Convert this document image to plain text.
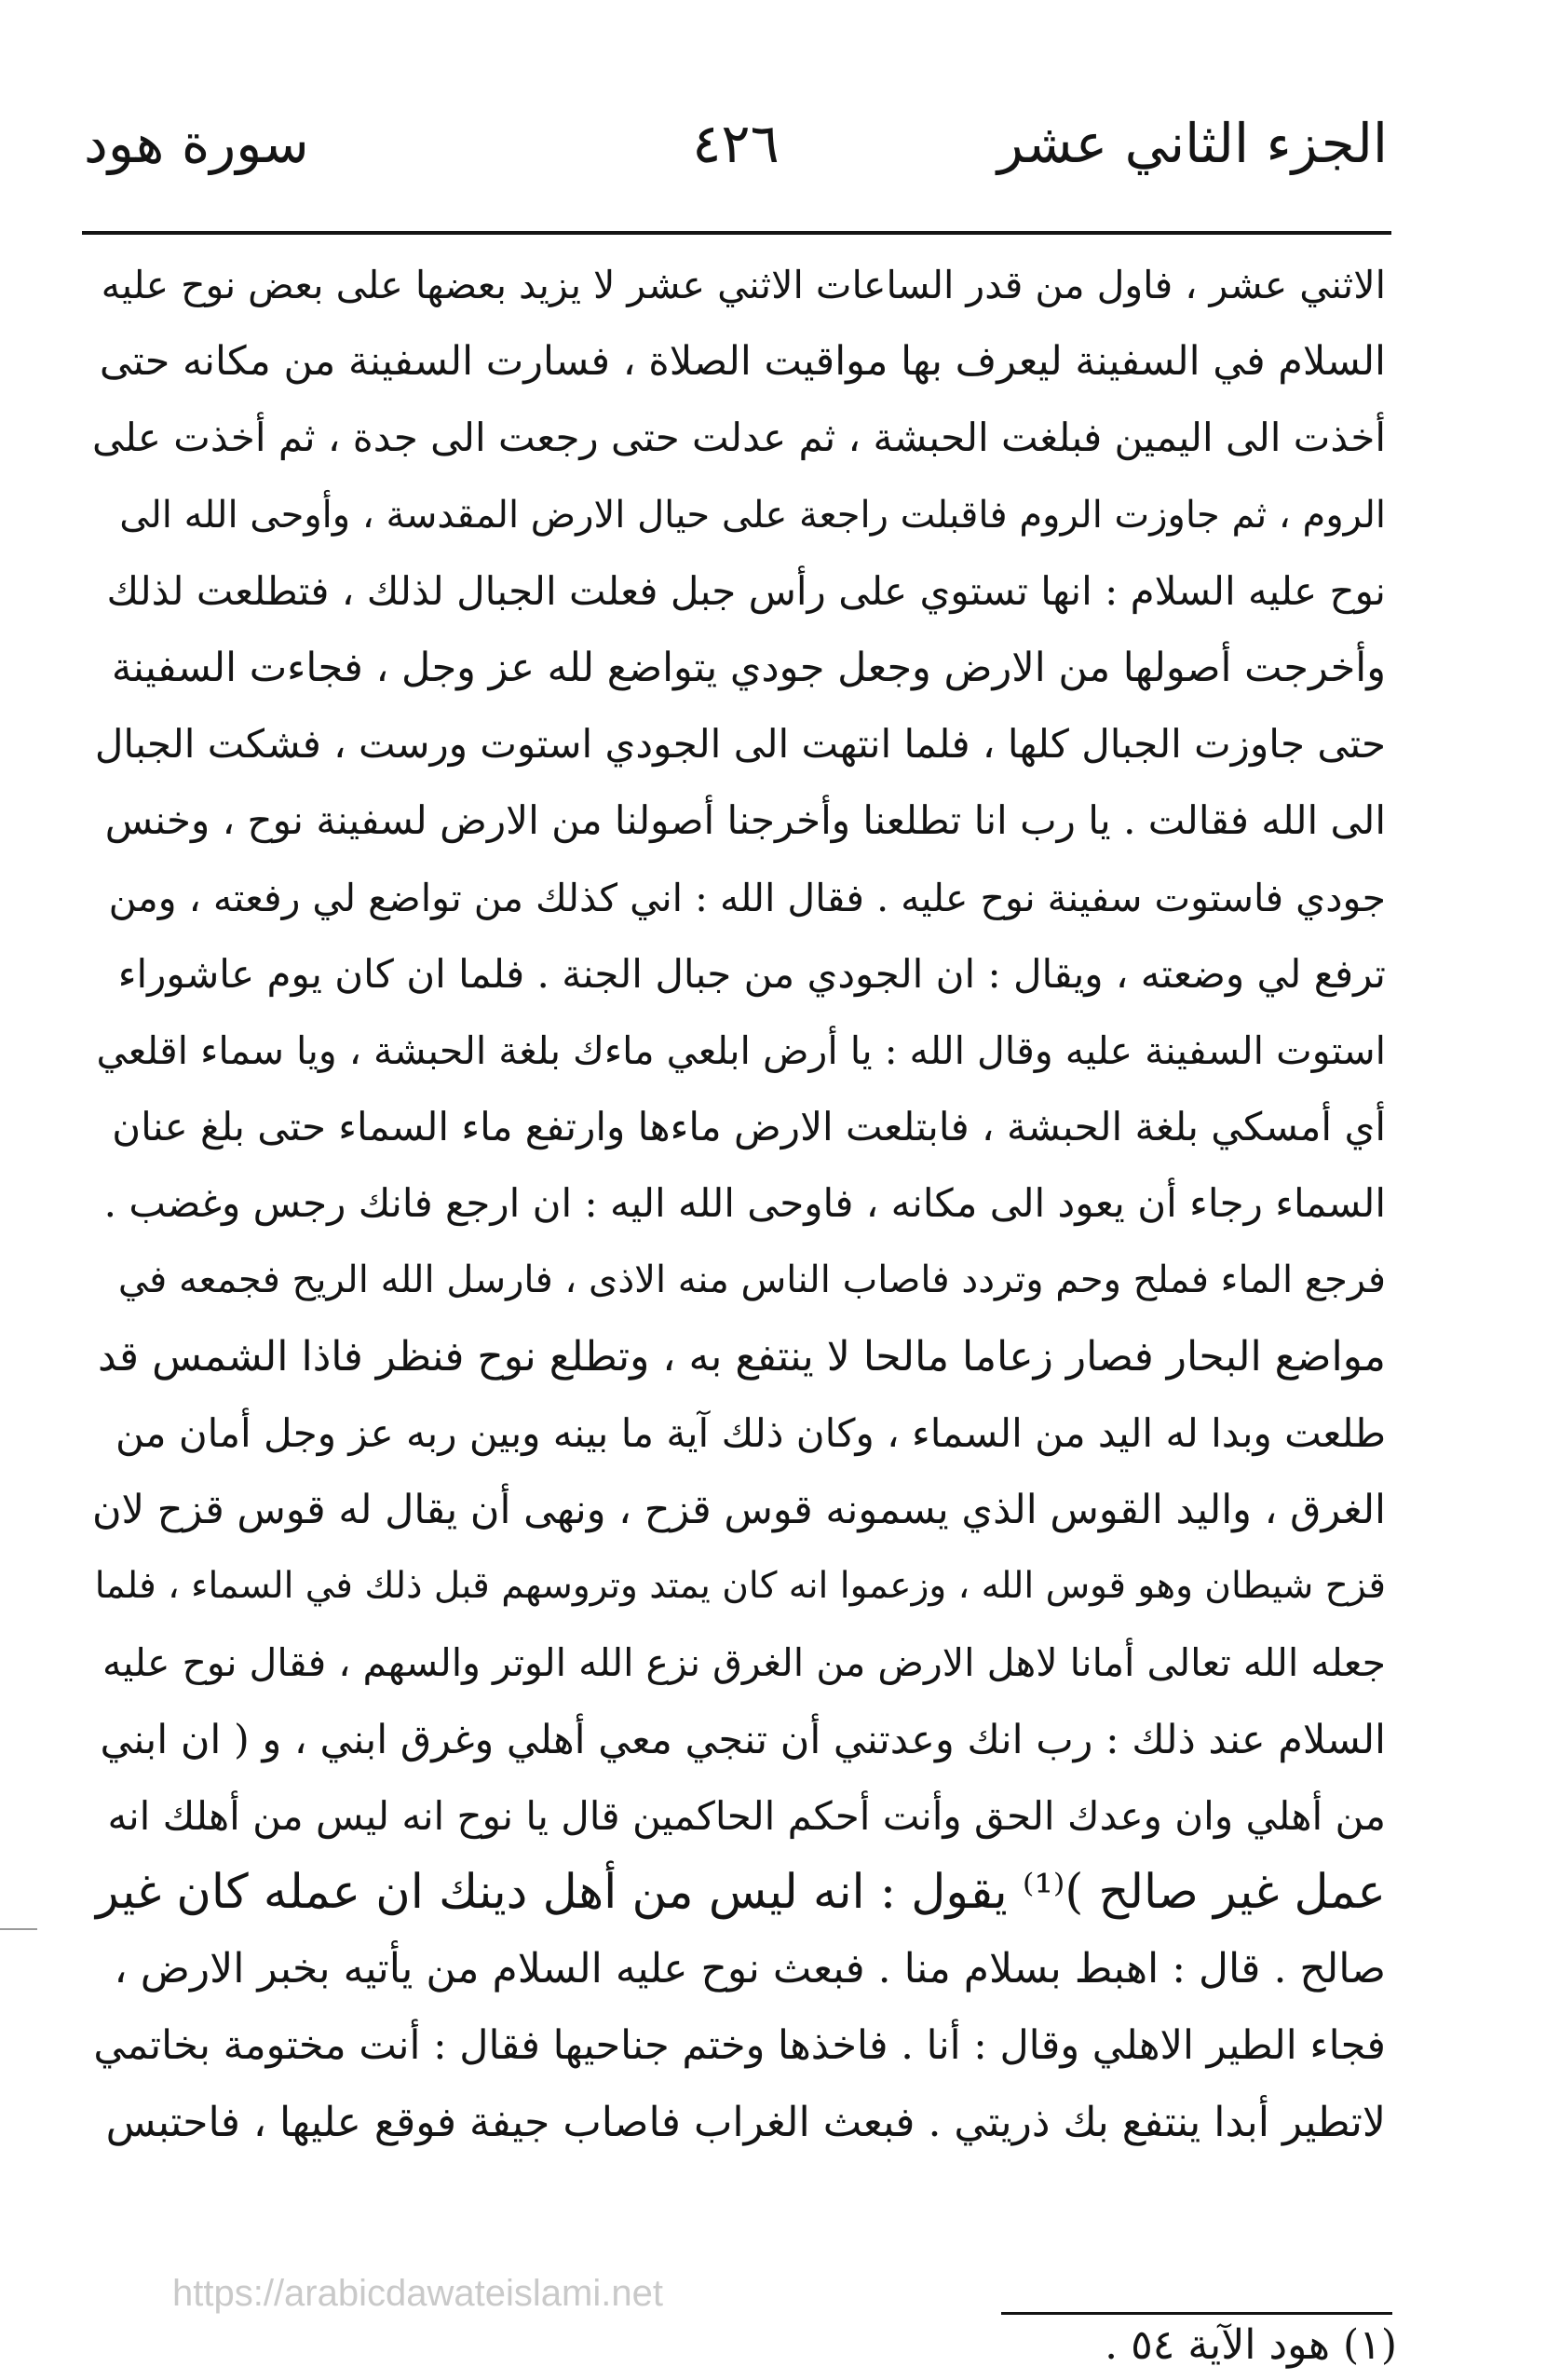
الجزء الثاني عشر
٤٢٦
سورة هود
الاثني عشر ، فاول من قدر الساعات الاثني عشر لا يزيد بعضها على بعض نوح عليه
السلام في السفينة ليعرف بها مواقيت الصلاة ، فسارت السفينة من مكانه حتى
أخذت الى اليمين فبلغت الحبشة ، ثم عدلت حتى رجعت الى جدة ، ثم أخذت على
الروم ، ثم جاوزت الروم فاقبلت راجعة على حيال الارض المقدسة ، وأوحى الله الى
نوح عليه السلام : انها تستوي على رأس جبل فعلت الجبال لذلك ، فتطلعت لذلك
وأخرجت أصولها من الارض وجعل جودي يتواضع لله عز وجل ، فجاءت السفينة
حتى جاوزت الجبال كلها ، فلما انتهت الى الجودي استوت ورست ، فشكت الجبال
الى الله فقالت . يا رب انا تطلعنا وأخرجنا أصولنا من الارض لسفينة نوح ، وخنس
جودي فاستوت سفينة نوح عليه . فقال الله : اني كذلك من تواضع لي رفعته ، ومن
ترفع لي وضعته ، ويقال : ان الجودي من جبال الجنة . فلما ان كان يوم عاشوراء
استوت السفينة عليه وقال الله : يا أرض ابلعي ماءك بلغة الحبشة ، ويا سماء اقلعي
أي أمسكي بلغة الحبشة ، فابتلعت الارض ماءها وارتفع ماء السماء حتى بلغ عنان
السماء رجاء أن يعود الى مكانه ، فاوحى الله اليه : ان ارجع فانك رجس وغضب .
فرجع الماء فملح وحم وتردد فاصاب الناس منه الاذى ، فارسل الله الريح فجمعه في
مواضع البحار فصار زعاما مالحا لا ينتفع به ، وتطلع نوح فنظر فاذا الشمس قد
طلعت وبدا له اليد من السماء ، وكان ذلك آية ما بينه وبين ربه عز وجل أمان من
الغرق ، واليد القوس الذي يسمونه قوس قزح ، ونهى أن يقال له قوس قزح لان
قزح شيطان وهو قوس الله ، وزعموا انه كان يمتد وتروسهم قبل ذلك في السماء ، فلما
جعله الله تعالى أمانا لاهل الارض من الغرق نزع الله الوتر والسهم ، فقال نوح عليه
السلام عند ذلك : رب انك وعدتني أن تنجي معي أهلي وغرق ابني ، و ( ان ابني
من أهلي وان وعدك الحق وأنت أحكم الحاكمين قال يا نوح انه ليس من أهلك انه
عمل غير صالح )⁽¹⁾ يقول : انه ليس من أهل دينك ان عمله كان غير
صالح . قال : اهبط بسلام منا . فبعث نوح عليه السلام من يأتيه بخبر الارض ،
فجاء الطير الاهلي وقال : أنا . فاخذها وختم جناحيها فقال : أنت مختومة بخاتمي
لاتطير أبدا ينتفع بك ذريتي . فبعث الغراب فاصاب جيفة فوقع عليها ، فاحتبس
https://arabicdawateislami.net
(١) هود الآية ٥٤ .
